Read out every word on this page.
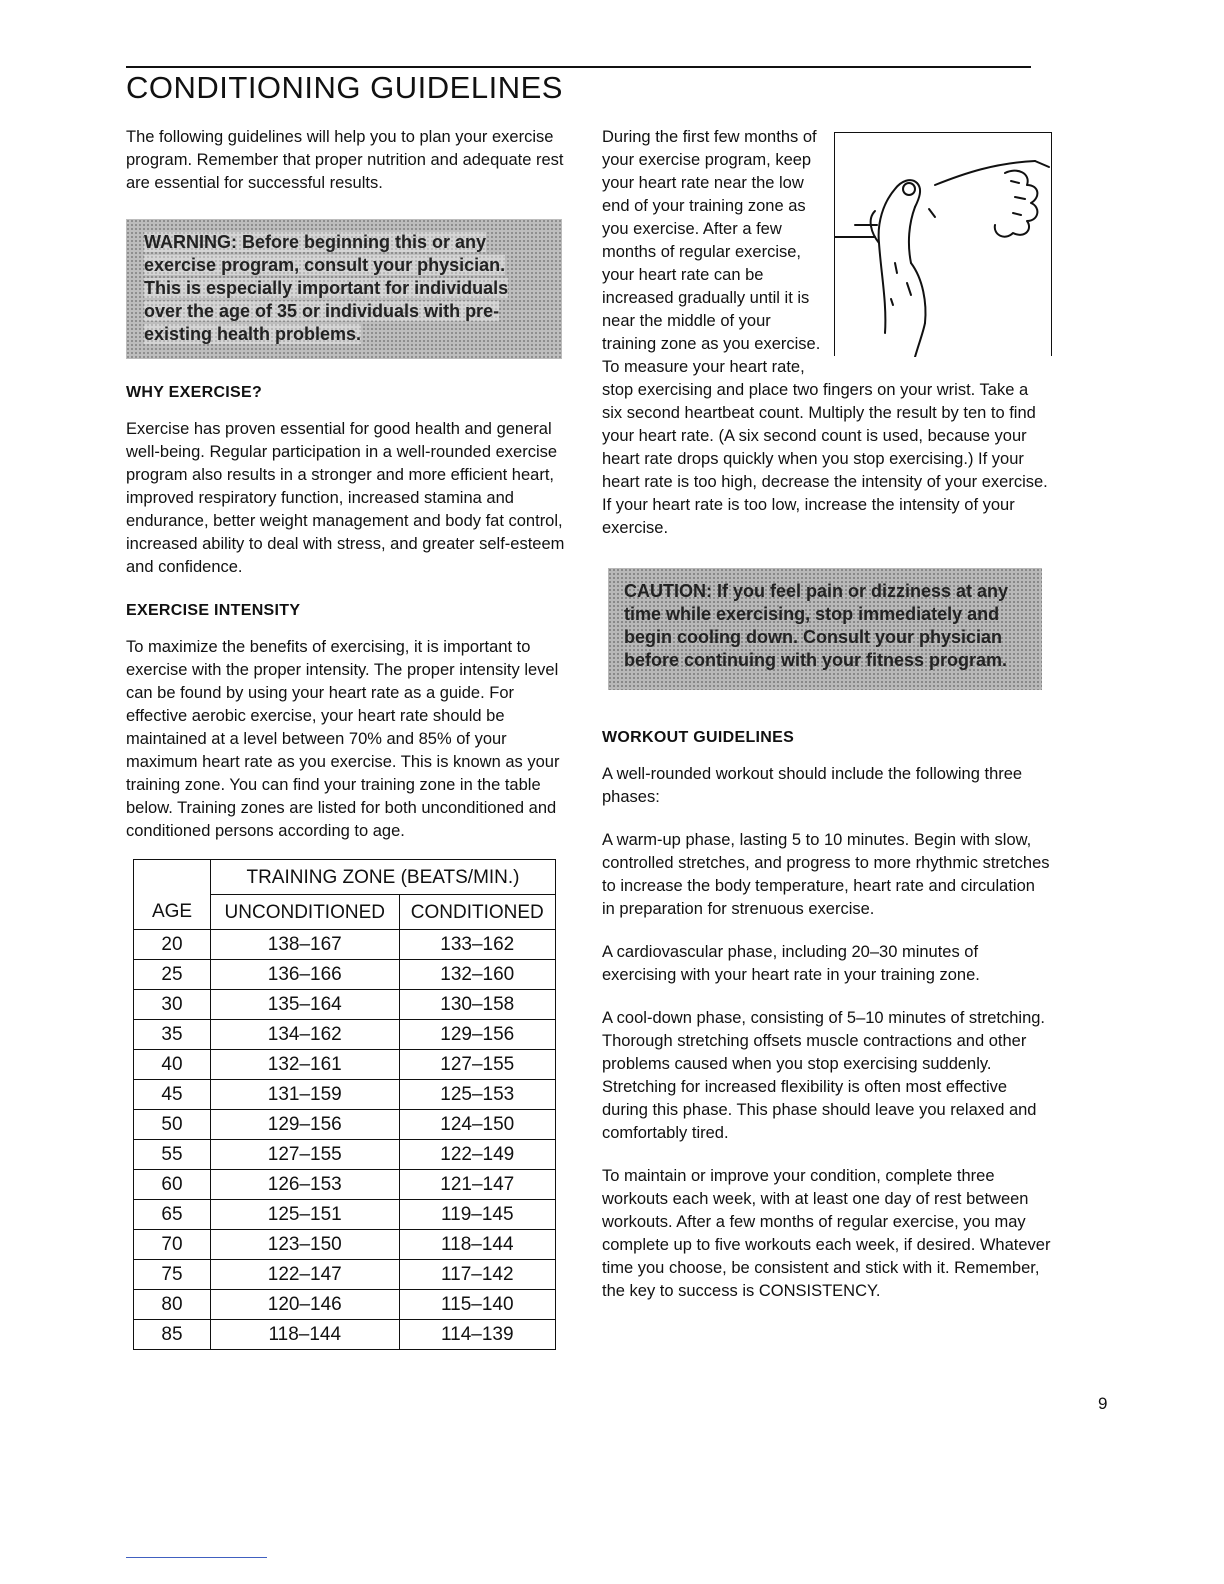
CONDITIONING GUIDELINES

The following guidelines will help you to plan your exercise program. Remember that proper nutrition and adequate rest are essential for successful results.

WARNING: Before beginning this or any exercise program, consult your physician. This is especially important for individuals over the age of 35 or individuals with pre-existing health problems.
WHY EXERCISE?

Exercise has proven essential for good health and general well-being. Regular participation in a well-rounded exercise program also results in a stronger and more efficient heart, improved respiratory function, increased stamina and endurance, better weight management and body fat control, increased ability to deal with stress, and greater self-esteem and confidence.

EXERCISE INTENSITY

To maximize the benefits of exercising, it is important to exercise with the proper intensity. The proper intensity level can be found by using your heart rate as a guide. For effective aerobic exercise, your heart rate should be maintained at a level between 70% and 85% of your maximum heart rate as you exercise. This is known as your training zone. You can find your training zone in the table below. Training zones are listed for both unconditioned and conditioned persons according to age.

	TRAINING ZONE (BEATS/MIN.)	
AGE	UNCONDITIONED	CONDITIONED
20	138–167	133–162
25	136–166	132–160
30	135–164	130–158
35	134–162	129–156
40	132–161	127–155
45	131–159	125–153
50	129–156	124–150
55	127–155	122–149
60	126–153	121–147
65	125–151	119–145
70	123–150	118–144
75	122–147	117–142
80	120–146	115–140
85	118–144	114–139

During the first few months of your exercise program, keep your heart rate near the low end of your training zone as you exercise. After a few months of regular exercise, your heart rate can be increased gradually until it is near the middle of your training zone as you exercise. To measure your heart rate, stop exercising and place two fingers on your wrist. Take a six second heartbeat count. Multiply the result by ten to find your heart rate. (A six second count is used, because your heart rate drops quickly when you stop exercising.) If your heart rate is too high, decrease the intensity of your exercise. If your heart rate is too low, increase the intensity of your exercise.

CAUTION: If you feel pain or dizziness at any time while exercising, stop immediately and begin cooling down. Consult your physician before continuing with your fitness program.
WORKOUT GUIDELINES

A well-rounded workout should include the following three phases:

A warm-up phase, lasting 5 to 10 minutes. Begin with slow, controlled stretches, and progress to more rhythmic stretches to increase the body temperature, heart rate and circulation in preparation for strenuous exercise.

A cardiovascular phase, including 20–30 minutes of exercising with your heart rate in your training zone.

A cool-down phase, consisting of 5–10 minutes of stretching. Thorough stretching offsets muscle contractions and other problems caused when you stop exercising suddenly. Stretching for increased flexibility is often most effective during this phase. This phase should leave you relaxed and comfortably tired.

To maintain or improve your condition, complete three workouts each week, with at least one day of rest between workouts. After a few months of regular exercise, you may complete up to five workouts each week, if desired. Whatever time you choose, be consistent and stick with it. Remember, the key to success is CONSISTENCY.

9
